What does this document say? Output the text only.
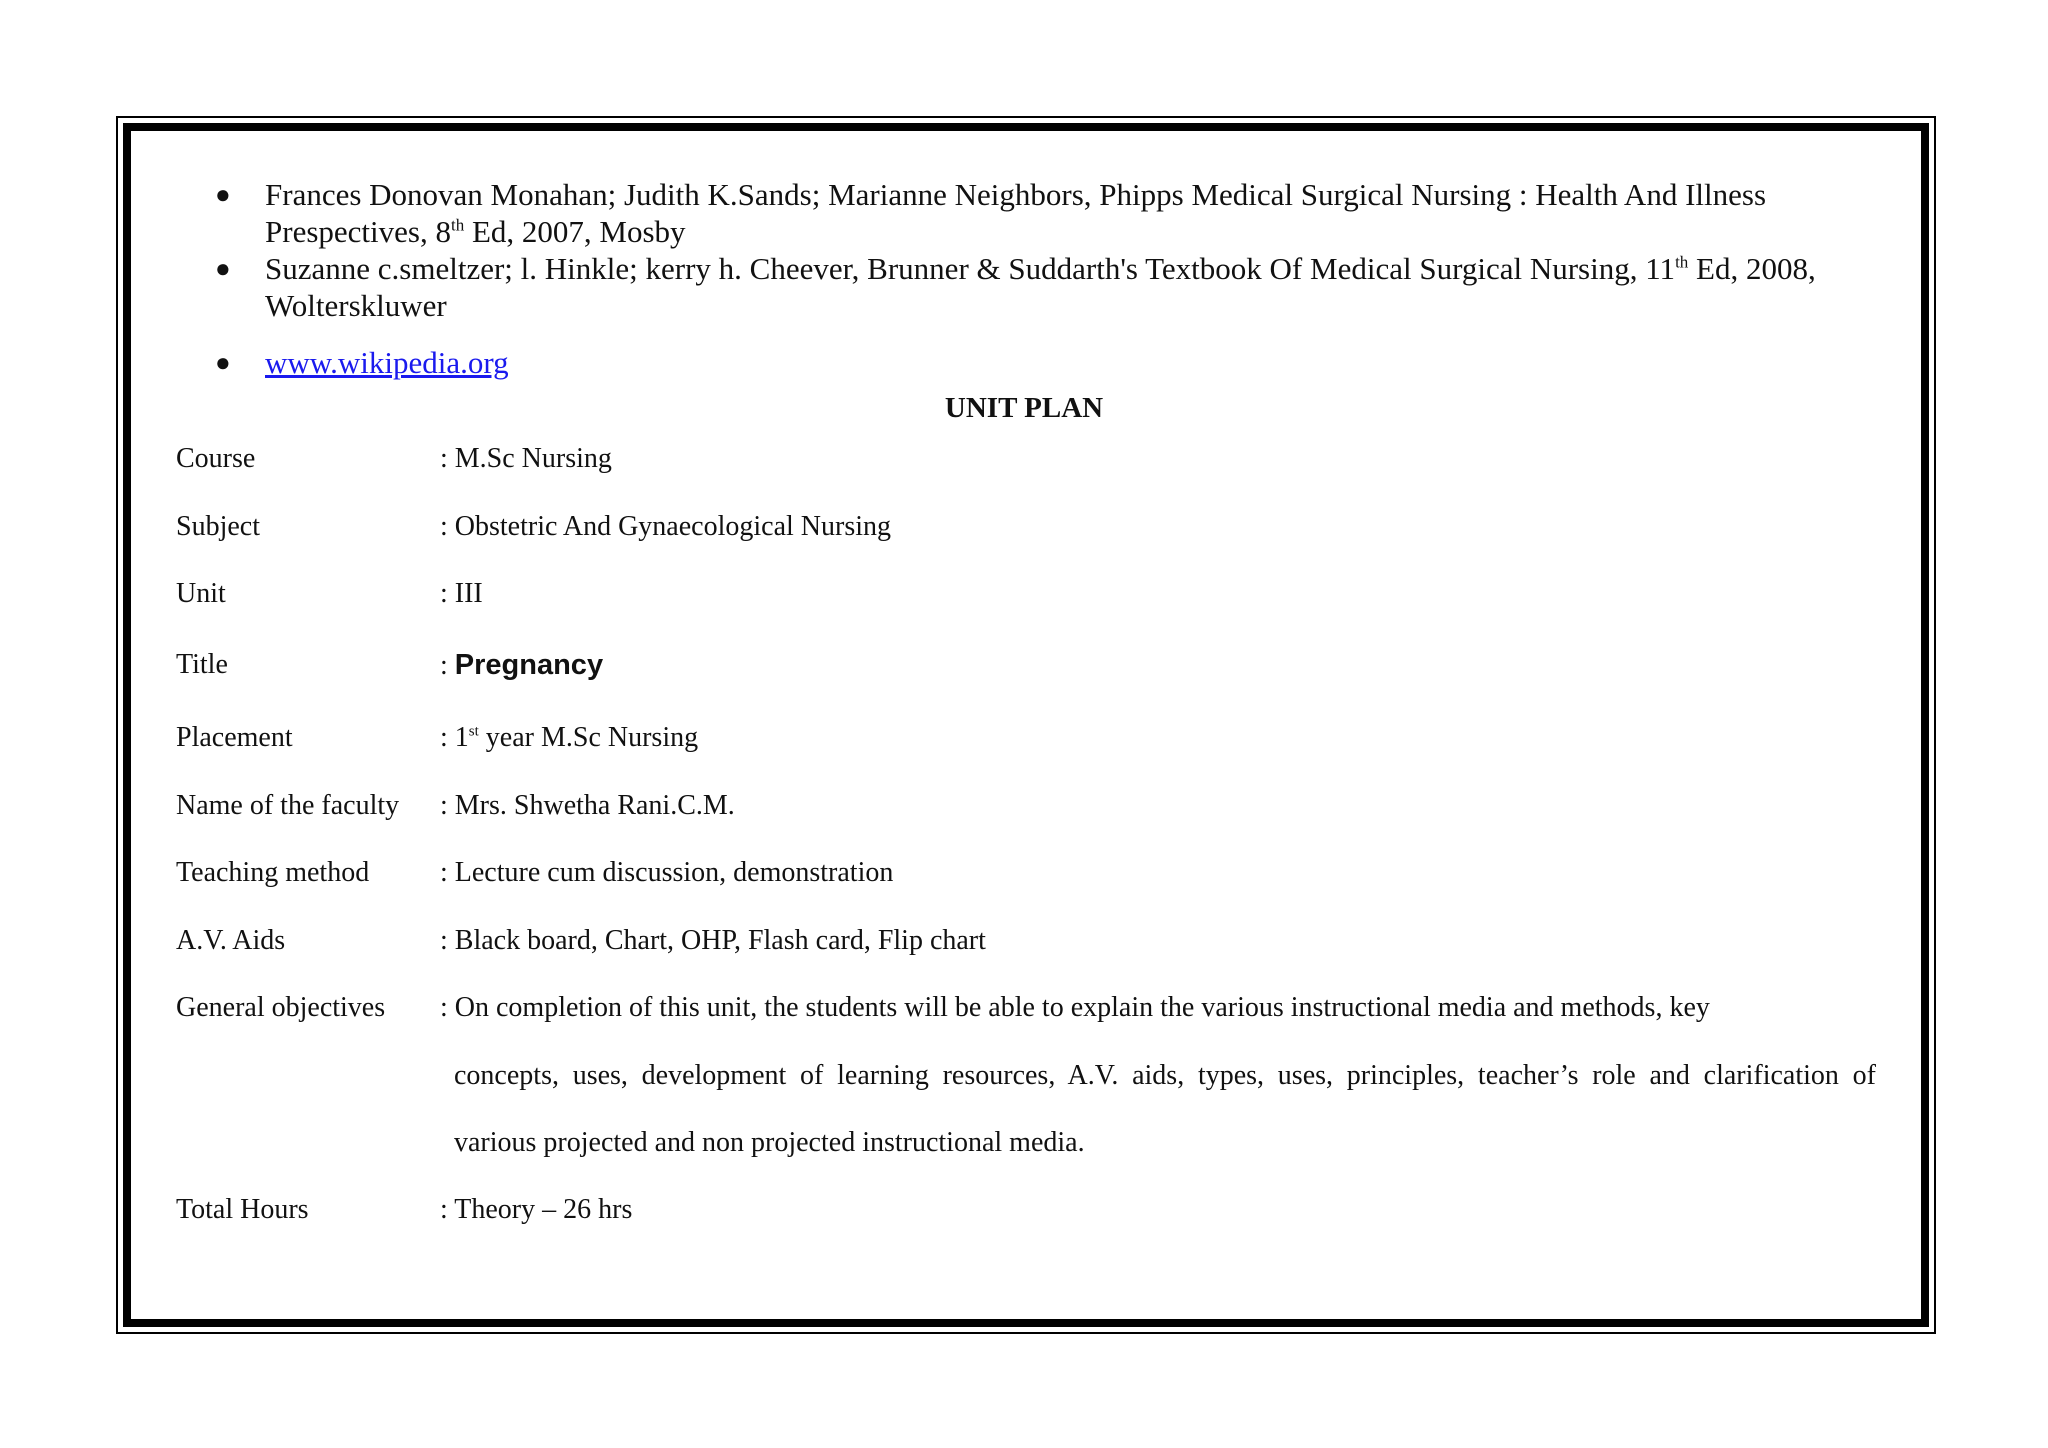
● Frances Donovan Monahan; Judith K.Sands; Marianne Neighbors, Phipps Medical Surgical Nursing : Health And Illness
Prespectives, 8th Ed, 2007, Mosby
● Suzanne c.smeltzer; l. Hinkle; kerry h. Cheever, Brunner & Suddarth's Textbook Of Medical Surgical Nursing, 11th Ed, 2008,
Wolterskluwer
● www.wikipedia.org
UNIT PLAN
Course	: M.Sc Nursing
Subject	: Obstetric And Gynaecological Nursing
Unit	: III
Title	: Pregnancy
Placement	: 1st year M.Sc Nursing
Name of the faculty : Mrs. Shwetha Rani.C.M.
Teaching method	: Lecture cum discussion, demonstration
A.V. Aids	: Black board, Chart, OHP, Flash card, Flip chart
General objectives : On completion of this unit, the students will be able to explain the various instructional media and methods, key
concepts, uses, development of learning resources, A.V. aids, types, uses, principles, teacher’s role and clarification of
various projected and non projected instructional media.
Total Hours	: Theory – 26 hrs
